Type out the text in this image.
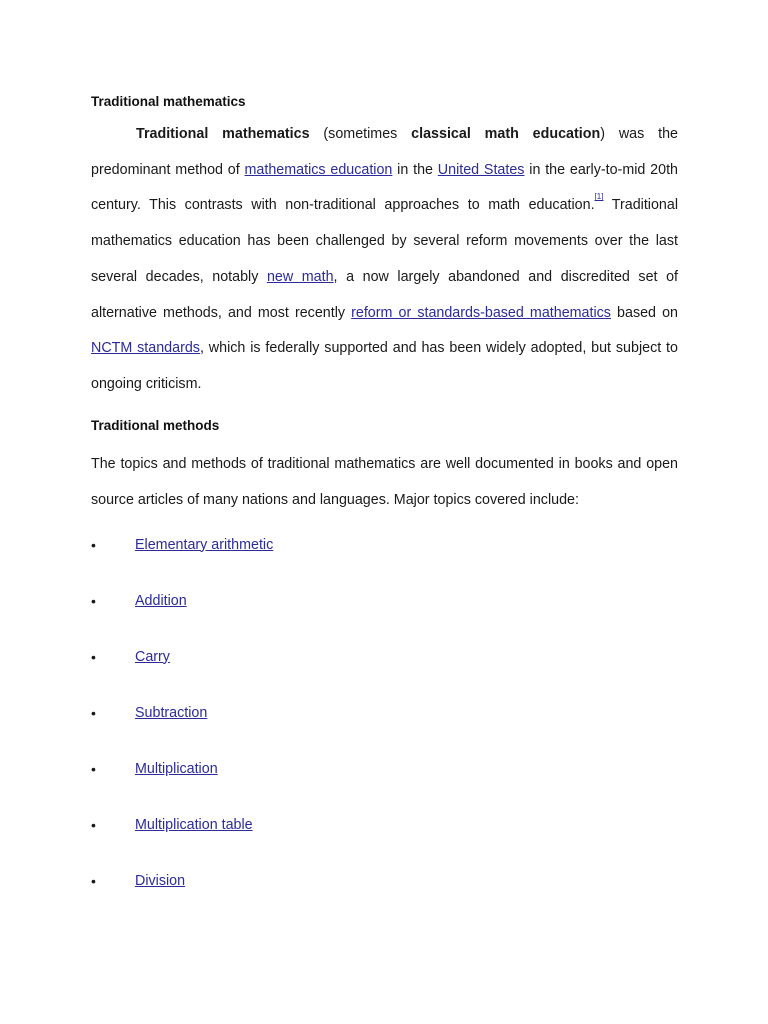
Traditional mathematics

Traditional mathematics (sometimes classical math education) was the predominant method of mathematics education in the United States in the early-to-mid 20th century. This contrasts with non-traditional approaches to math education.[1] Traditional mathematics education has been challenged by several reform movements over the last several decades, notably new math, a now largely abandoned and discredited set of alternative methods, and most recently reform or standards-based mathematics based on NCTM standards, which is federally supported and has been widely adopted, but subject to ongoing criticism.

Traditional methods

The topics and methods of traditional mathematics are well documented in books and open source articles of many nations and languages. Major topics covered include:

•	Elementary arithmetic
•	Addition
•	Carry
•	Subtraction
•	Multiplication
•	Multiplication table
•	Division
